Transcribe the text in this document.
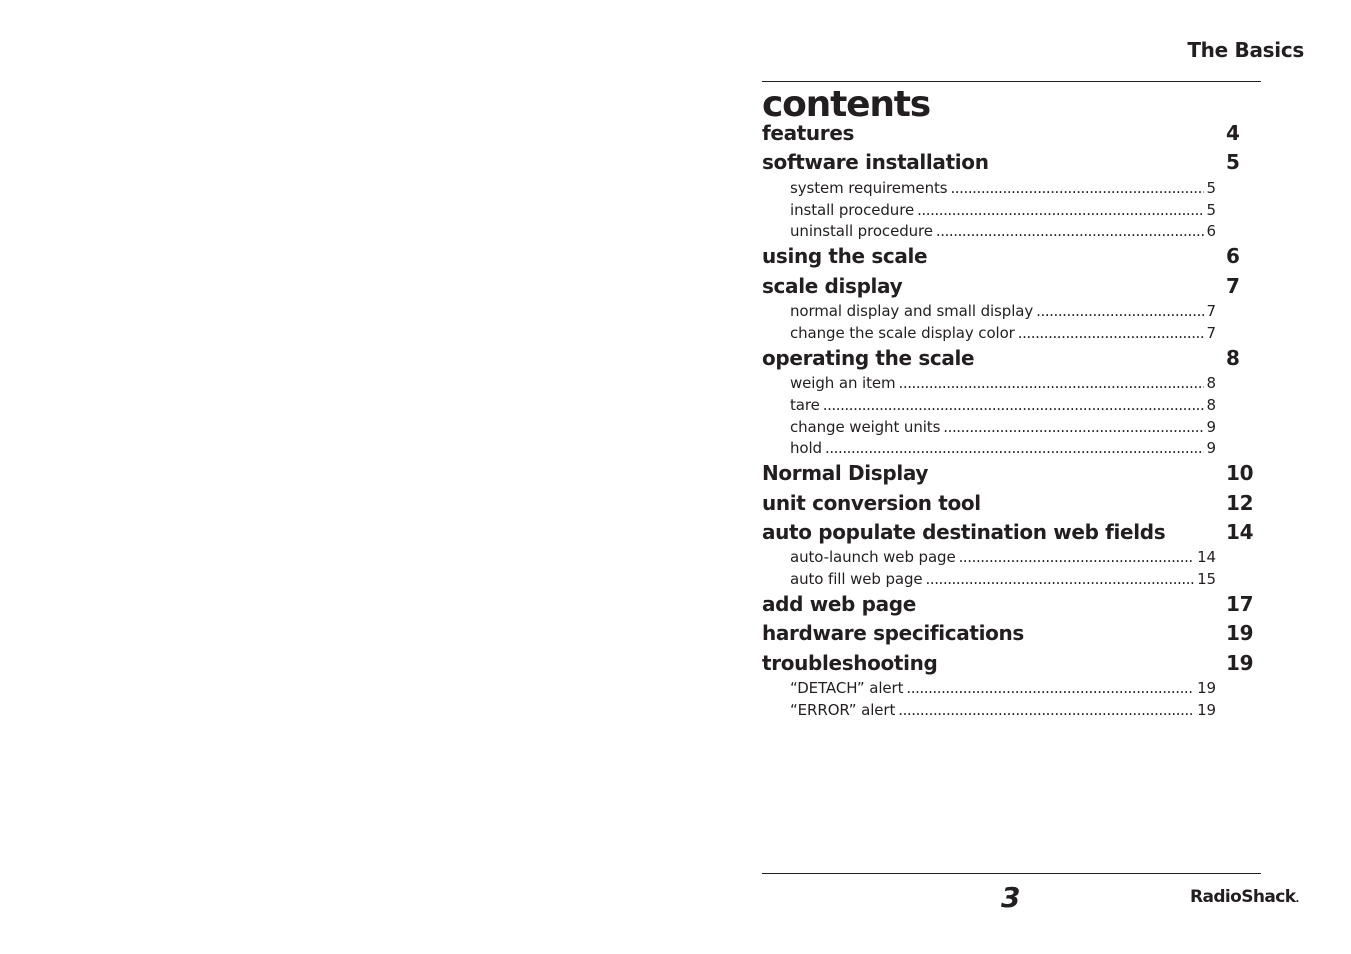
The Basics
contents
features	4
software installation	5
system requirements . . .	5
install procedure . . .	5
uninstall procedure . . .	6
using the scale	6
scale display	7
normal display and small display . . .	7
change the scale display color . . .	7
operating the scale	8
weigh an item . . .	8
tare . . .	8
change weight units . . .	9
hold . . .	9
Normal Display	10
unit conversion tool	12
auto populate destination web fields	14
auto-launch web page . . .	14
auto fill web page . . .	15
add web page	17
hardware specifications	19
troubleshooting	19
“DETACH” alert . . .	19
“ERROR” alert . . .	19
3	RadioShack.
